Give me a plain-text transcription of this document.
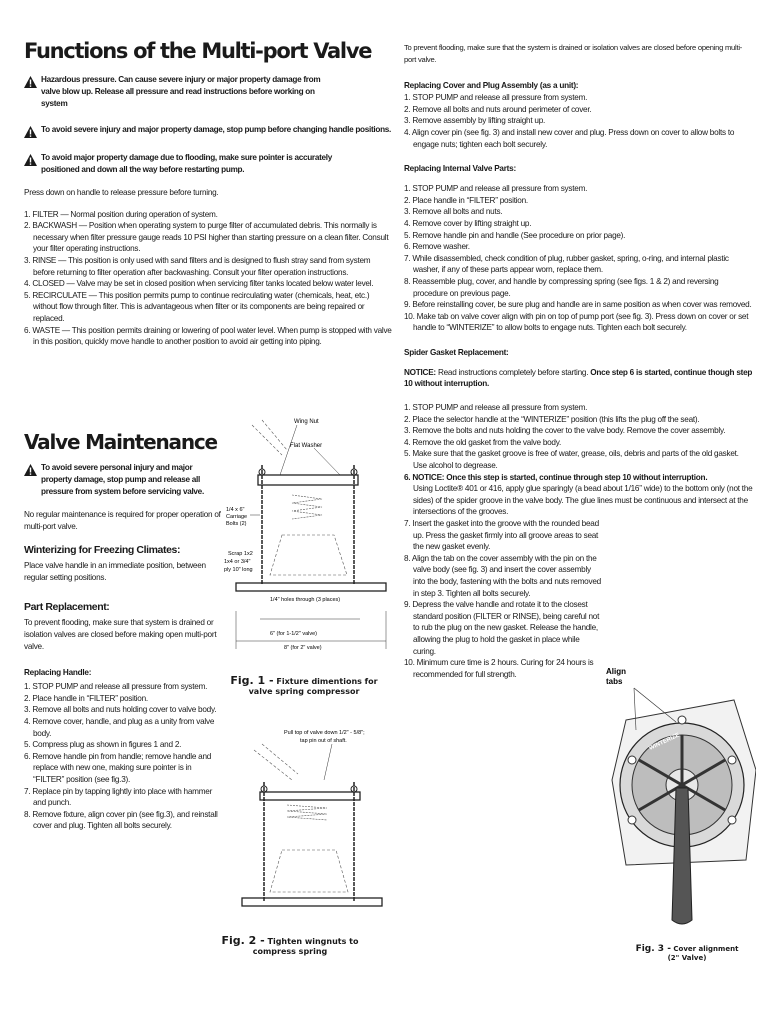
Functions of the Multi-port Valve
Hazardous pressure. Can cause severe injury or major property damage from valve blow up. Release all pressure and read instructions before working on system
To avoid severe injury and major property damage, stop pump before changing handle positions.
To avoid major property damage due to flooding, make sure pointer is accurately positioned and down all the way before restarting pump.

Press down on handle to release pressure before turning.

1. FILTER — Normal position during operation of system.
2. BACKWASH — Position when operating system to purge filter of accumulated debris. This normally is necessary when filter pressure gauge reads 10 PSI higher than starting pressure on a clean filter. Consult your filter operating instructions.
3. RINSE — This position is only used with sand filters and is designed to flush stray sand from system before returning to filter operation after backwashing. Consult your filter operation instructions.
4. CLOSED — Valve may be set in closed position when servicing filter tanks located below water level.
5. RECIRCULATE — This position permits pump to continue recirculating water (chemicals, heat, etc.) without flow through filter. This is advantageous when filter or its components are being repaired or replaced.
6. WASTE — This position permits draining or lowering of pool water level. When pump is stopped with valve in this position, quickly move handle to another position to avoid air getting into piping.
Valve Maintenance
To avoid severe personal injury and major property damage, stop pump and release all pressure from system before servicing valve.

No regular maintenance is required for proper operation of multi-port valve.

Winterizing for Freezing Climates:

Place valve handle in an immediate position, between regular setting positions.

Part Replacement:

To prevent flooding, make sure that system is drained or isolation valves are closed before making open multi-port valve.

Replacing Handle:

1. STOP PUMP and release all pressure from system.
2. Place handle in “FILTER” position.
3. Remove all bolts and nuts holding cover to valve body.
4. Remove cover, handle, and plug as a unity from valve body.
5. Compress plug as shown in figures 1 and 2.
6. Remove handle pin from handle; remove handle and replace with new one, making sure pointer is in “FILTER” position (see fig.3).
7. Replace pin by tapping lightly into place with hammer and punch.
8. Remove fixture, align cover pin (see fig.3), and reinstall cover and plug. Tighten all bolts securely.
Wing Nut
Flat Washer
1/4 x 6"
Carriage
Bolts (2)
Scrap 1x2
1x4 or 3/4"
ply 10" long
1/4" holes through (3 places)
6" (for 1-1/2" valve)
8" (for 2" valve)
Fig. 1 - Fixture dimentions for
valve spring compressor
Pull top of valve down 1/2" - 5/8";
tap pin out of shaft.
Fig. 2 - Tighten wingnuts to
compress spring

To prevent flooding, make sure that the system is drained or isolation valves are closed before opening multi-port valve.

Replacing Cover and Plug Assembly (as a unit):

1. STOP PUMP and release all pressure from system.
2. Remove all bolts and nuts around perimeter of cover.
3. Remove assembly by lifting straight up.
4. Align cover pin (see fig. 3) and install new cover and plug. Press down on cover to allow bolts to engage nuts; tighten each bolt securely.

Replacing Internal Valve Parts:

1. STOP PUMP and release all pressure from system.
2. Place handle in “FILTER” position.
3. Remove all bolts and nuts.
4. Remove cover by lifting straight up.
5. Remove handle pin and handle (See procedure on prior page).
6. Remove washer.
7. While disassembled, check condition of plug, rubber gasket, spring, o-ring, and internal plastic washer, if any of these parts appear worn, replace them.
8. Reassemble plug, cover, and handle by compressing spring (see figs. 1 & 2) and reversing procedure on previous page.
9. Before reinstalling cover, be sure plug and handle are in same position as when cover was removed.
10. Make tab on valve cover align with pin on top of pump port (see fig. 3). Press down on cover or set handle to “WINTERIZE” to allow bolts to engage nuts. Tighten each bolt securely.

Spider Gasket Replacement:

NOTICE: Read instructions completely before starting. Once step 6 is started, continue though step 10 without interruption.

1. STOP PUMP and release all pressure from system.
2. Place the selector handle at the “WINTERIZE” position (this lifts the plug off the seat).
3. Remove the bolts and nuts holding the cover to the valve body. Remove the cover assembly.
4. Remove the old gasket from the valve body.
5. Make sure that the gasket groove is free of water, grease, oils, debris and parts of the old gasket. Use alcohol to degrease.
6. NOTICE: Once this step is started, continue through step 10 without interruption.
Using Loctite® 401 or 416, apply glue sparingly (a bead about 1/16” wide) to the bottom only (not the sides) of the spider groove in the valve body. The glue lines must be continuous and intersect at the intersections of the grooves.
7. Insert the gasket into the groove with the rounded bead up. Press the gasket firmly into all groove areas to seat the new gasket evenly.
8. Align the tab on the cover assembly with the pin on the valve body (see fig. 3) and insert the cover assembly into the body, fastening with the bolts and nuts removed in step 3. Tighten all bolts securely.
9. Depress the valve handle and rotate it to the closest standard position (FILTER or RINSE), being careful not to rub the plug on the new gasket. Release the handle, allowing the plug to hold the gasket in place while curing.
10. Minimum cure time is 2 hours. Curing for 24 hours is recommended for full strength.	Align
tabs
WINTERIZE
Fig. 3 - Cover alignment
(2" Valve)
